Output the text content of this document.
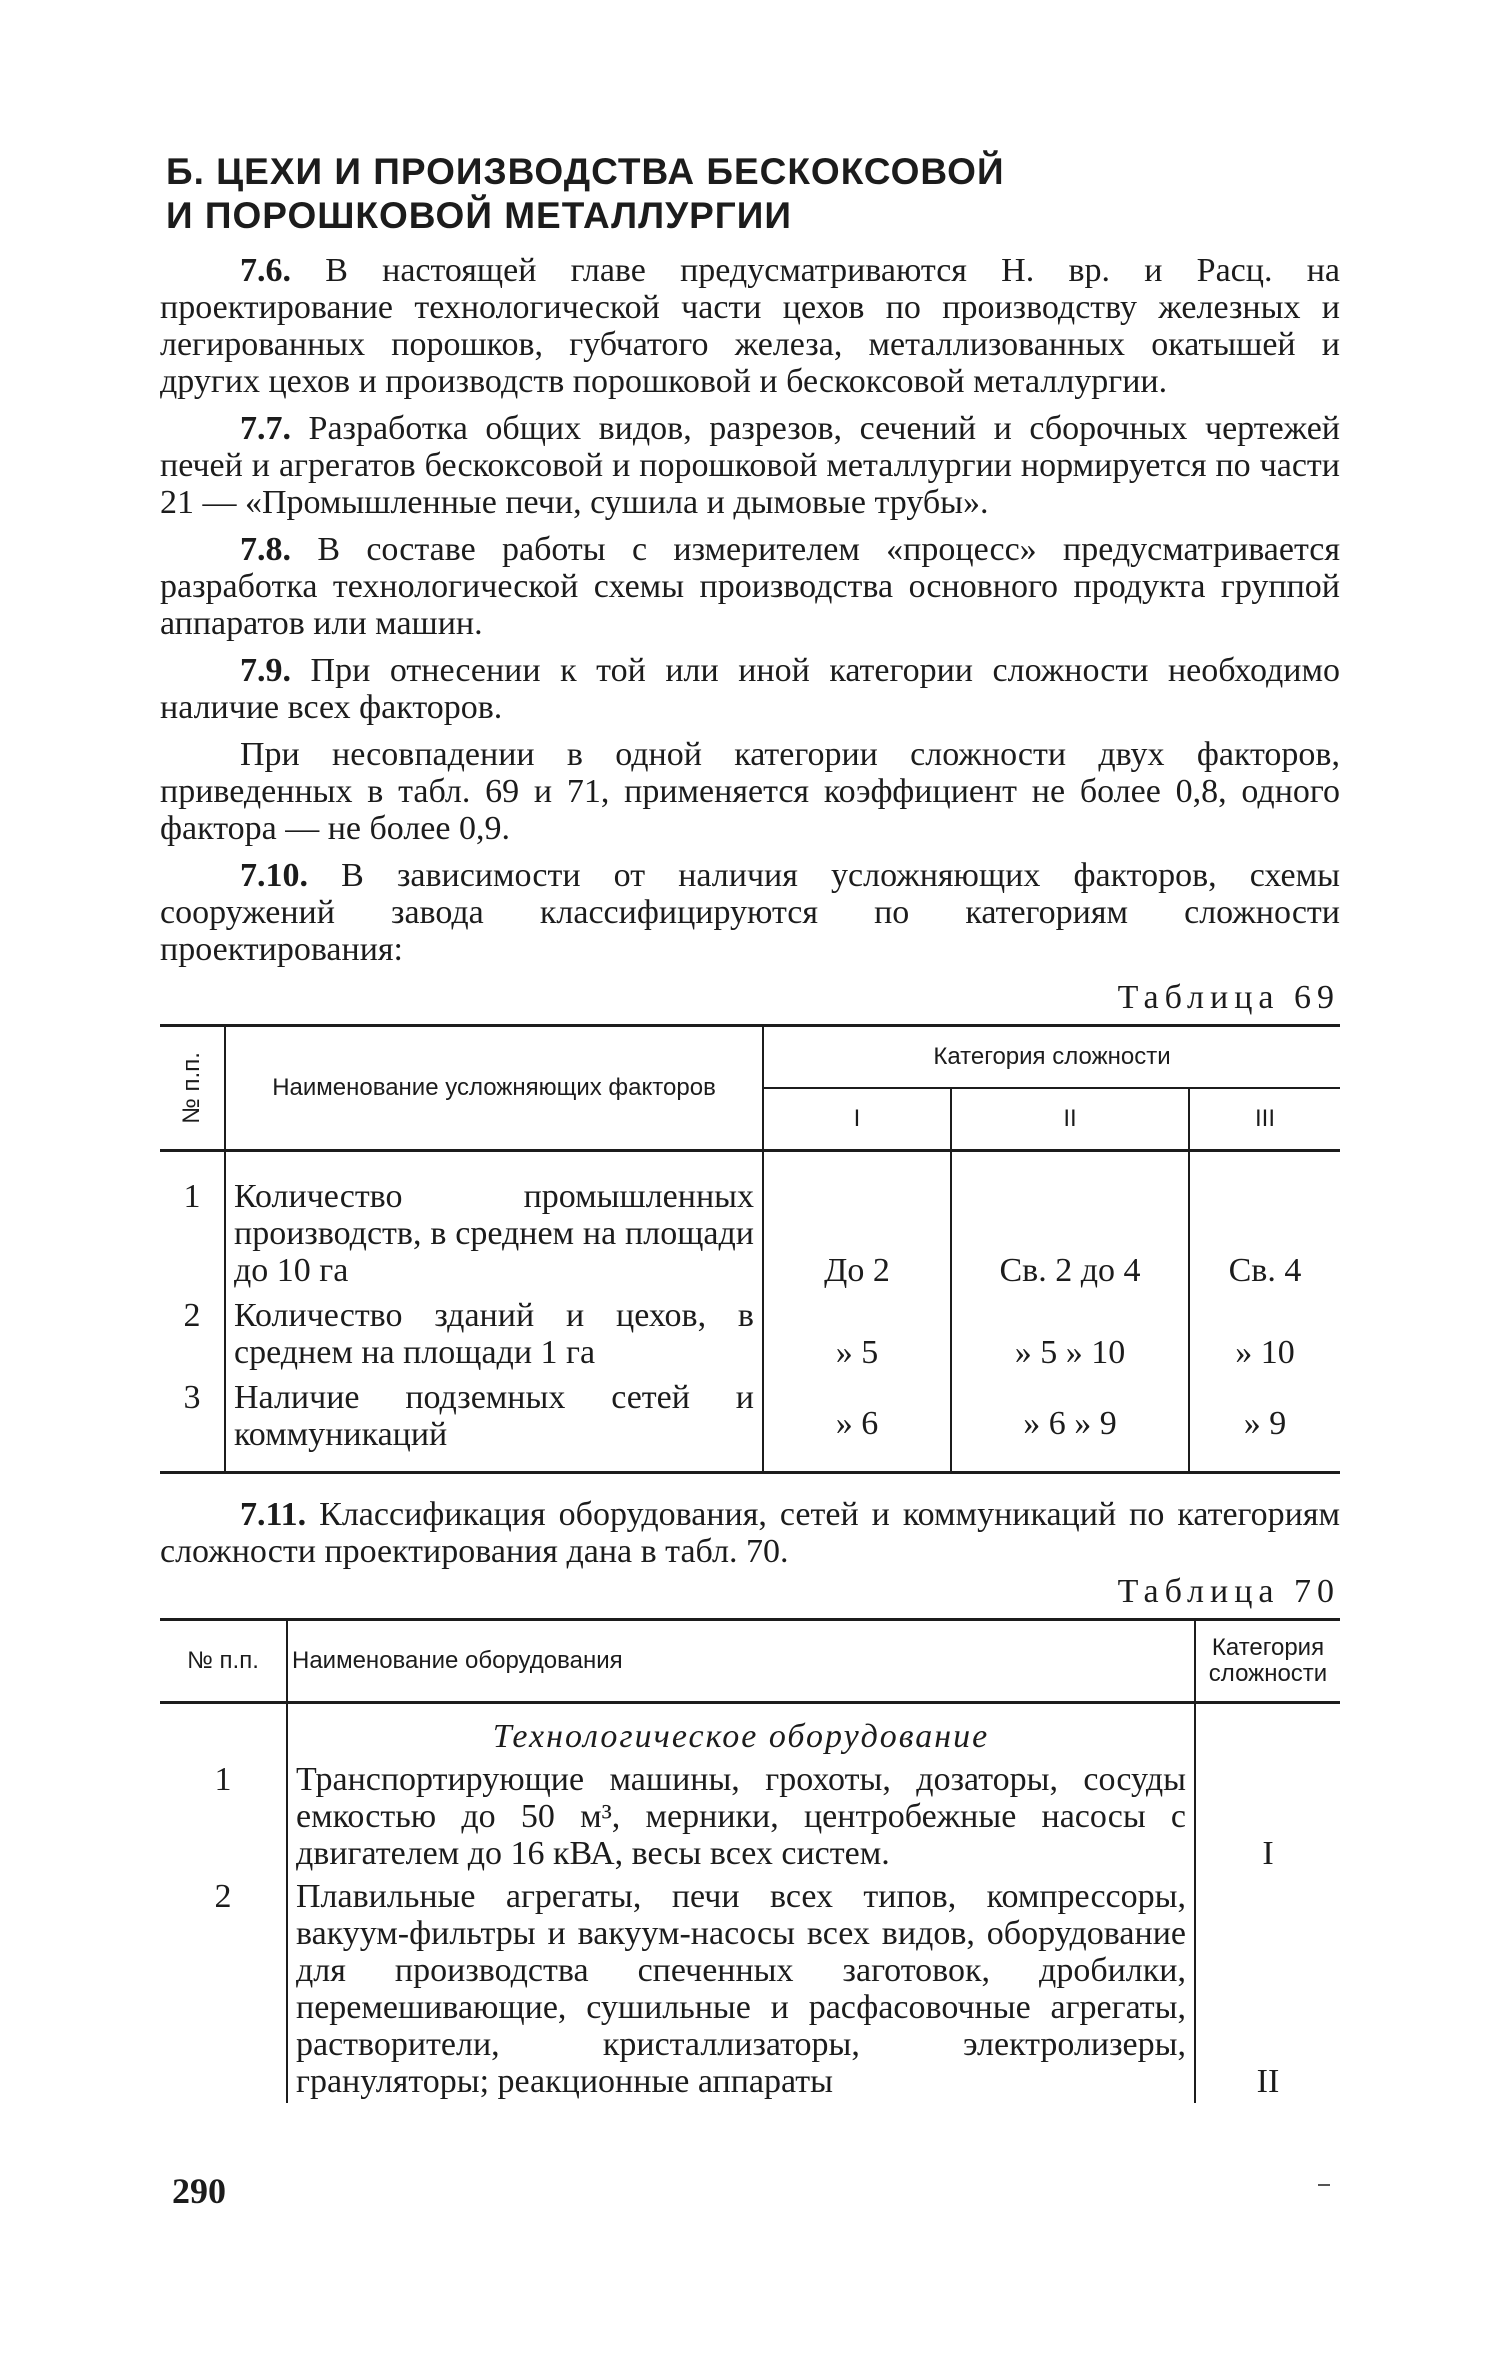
Б. ЦЕХИ И ПРОИЗВОДСТВА БЕСКОКСОВОЙ
И ПОРОШКОВОЙ МЕТАЛЛУРГИИ

7.6. В настоящей главе предусматриваются Н. вр. и Расц. на проектирование технологической части цехов по производству железных и легированных порошков, губчатого железа, металлизованных окатышей и других цехов и производств порошковой и бескоксовой металлургии.

7.7. Разработка общих видов, разрезов, сечений и сборочных чертежей печей и агрегатов бескоксовой и порошковой металлургии нормируется по части 21 — «Промышленные печи, сушила и дымовые трубы».

7.8. В составе работы с измерителем «процесс» предусматривается разработка технологической схемы производства основного продукта группой аппаратов или машин.

7.9. При отнесении к той или иной категории сложности необходимо наличие всех факторов.

При несовпадении в одной категории сложности двух факторов, приведенных в табл. 69 и 71, применяется коэффициент не более 0,8, одного фактора — не более 0,9.

7.10. В зависимости от наличия усложняющих факторов, схемы сооружений завода классифицируются по категориям сложности проектирования:

Таблица 69
№ п.п.	Наименование усложняющих факторов	Категория сложности		
		I	II	III

1	Количество промышленных производств, в среднем на площади до 10 га	До 2	Св. 2 до 4	Св. 4
2	Количество зданий и цехов, в среднем на площади 1 га	» 5	» 5 » 10	» 10
3	Наличие подземных сетей и коммуникаций	» 6	» 6 » 9	» 9

7.11. Классификация оборудования, сетей и коммуникаций по категориям сложности проектирования дана в табл. 70.

Таблица 70
№ п.п.	Наименование оборудования	Категория сложности
	Технологическое оборудование	
1	Транспортирующие машины, грохоты, дозаторы, сосуды емкостью до 50 м³, мерники, центробежные насосы с двигателем до 16 кВА, весы всех систем.	I
2	Плавильные агрегаты, печи всех типов, компрессоры, вакуум-фильтры и вакуум-насосы всех видов, оборудование для производства спеченных заготовок, дробилки, перемешивающие, сушильные и расфасовочные агрегаты, растворители, кристаллизаторы, электролизеры, грануляторы; реакционные аппараты	II
290
